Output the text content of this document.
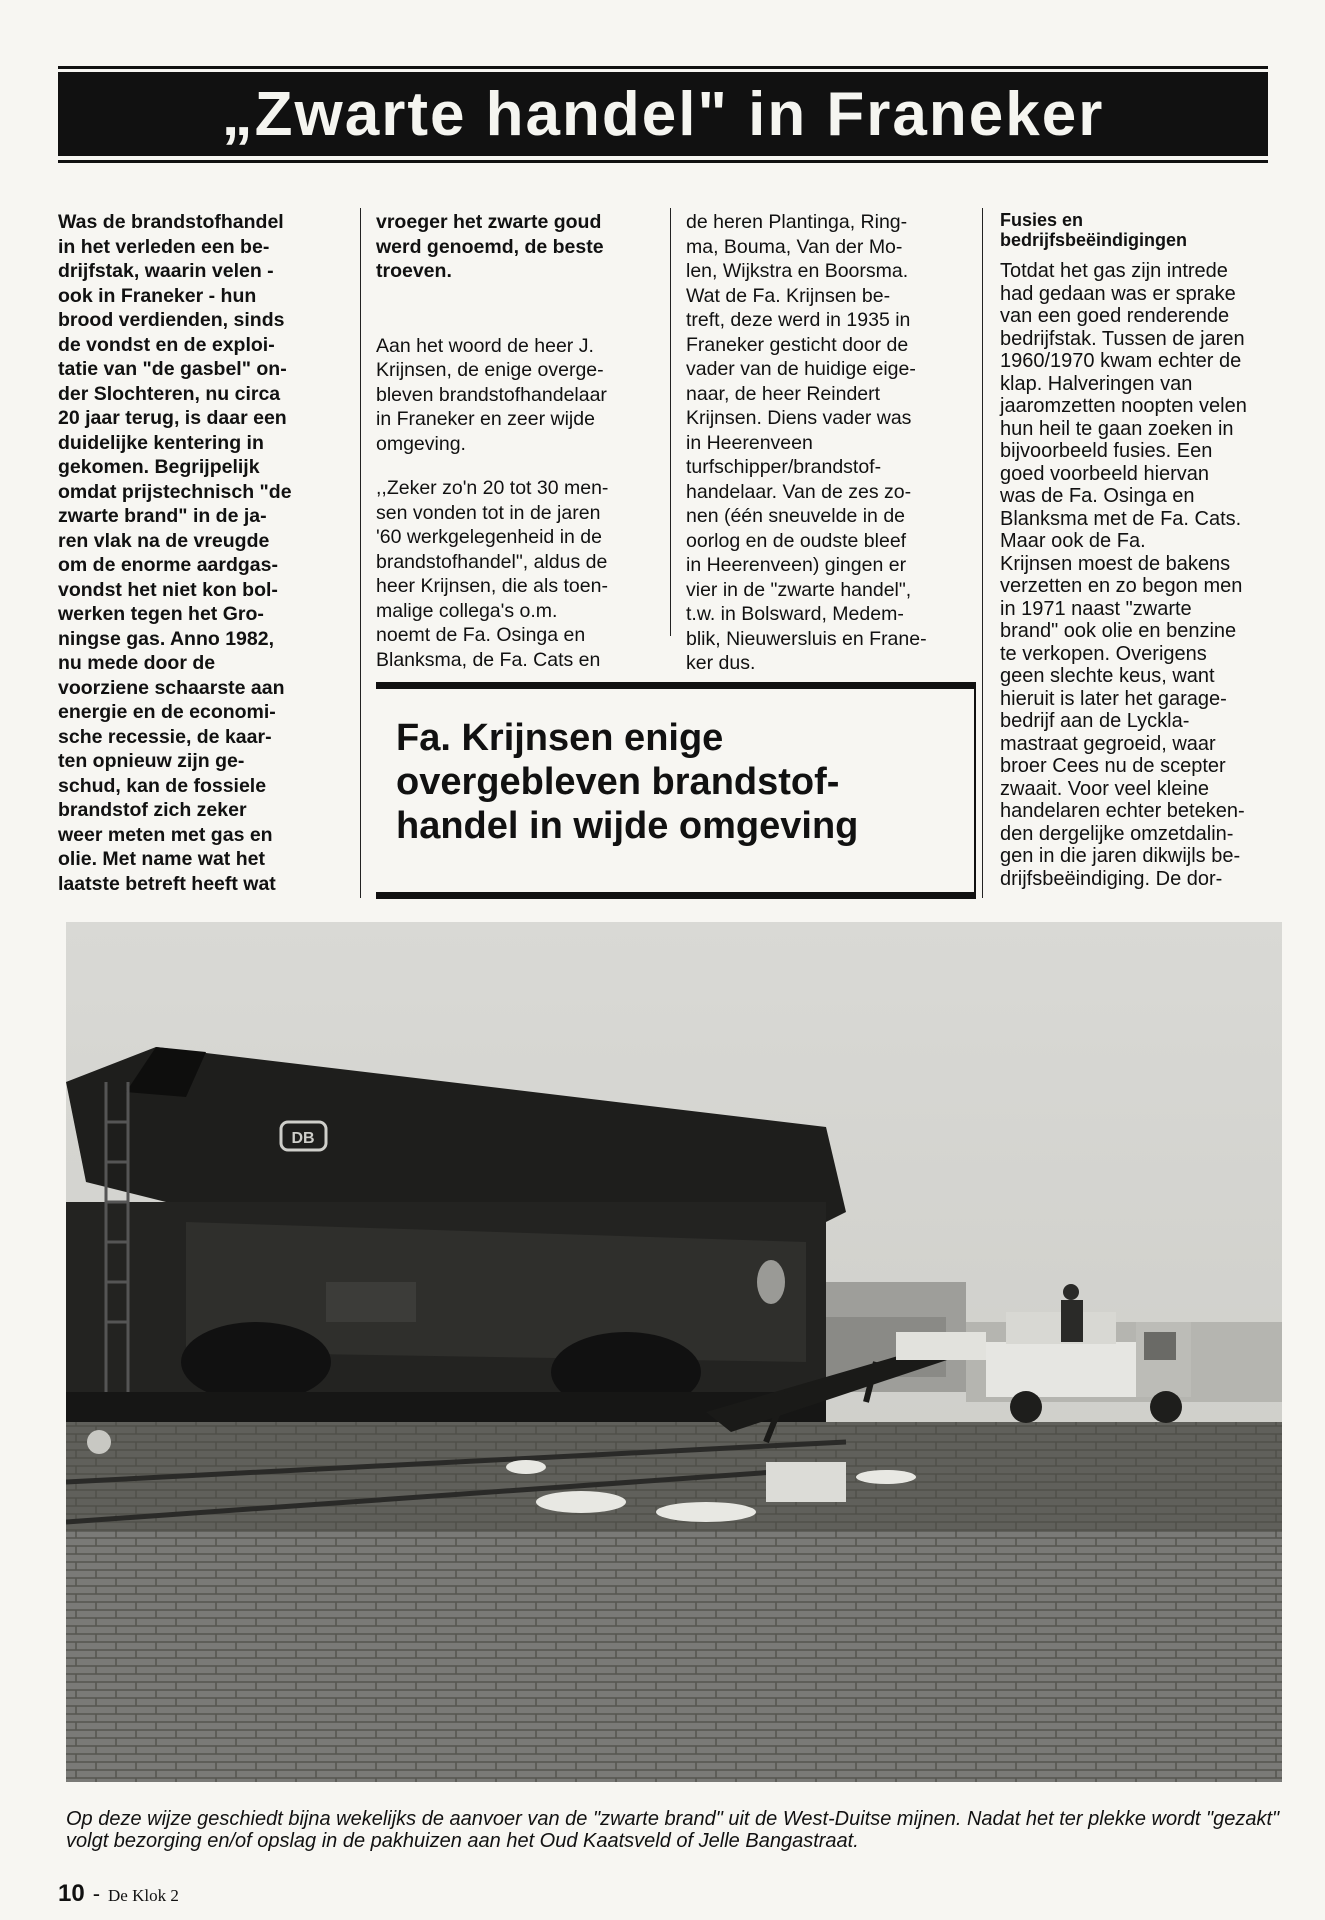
„Zwarte handel" in Franeker

Was de brandstofhandel
in het verleden een be-
drijfstak, waarin velen -
ook in Franeker - hun
brood verdienden, sinds
de vondst en de exploi-
tatie van "de gasbel" on-
der Slochteren, nu circa
20 jaar terug, is daar een
duidelijke kentering in
gekomen. Begrijpelijk
omdat prijstechnisch "de
zwarte brand" in de ja-
ren vlak na de vreugde
om de enorme aardgas-
vondst het niet kon bol-
werken tegen het Gro-
ningse gas. Anno 1982,
nu mede door de
voorziene schaarste aan
energie en de economi-
sche recessie, de kaar-
ten opnieuw zijn ge-
schud, kan de fossiele
brandstof zich zeker
weer meten met gas en
olie. Met name wat het
laatste betreft heeft wat

vroeger het zwarte goud
werd genoemd, de beste
troeven.

Aan het woord de heer J.
Krijnsen, de enige overge-
bleven brandstofhandelaar
in Franeker en zeer wijde
omgeving.

,,Zeker zo'n 20 tot 30 men-
sen vonden tot in de jaren
'60 werkgelegenheid in de
brandstofhandel", aldus de
heer Krijnsen, die als toen-
malige collega's o.m.
noemt de Fa. Osinga en
Blanksma, de Fa. Cats en

de heren Plantinga, Ring-
ma, Bouma, Van der Mo-
len, Wijkstra en Boorsma.
Wat de Fa. Krijnsen be-
treft, deze werd in 1935 in
Franeker gesticht door de
vader van de huidige eige-
naar, de heer Reindert
Krijnsen. Diens vader was
in Heerenveen
turfschipper/brandstof-
handelaar. Van de zes zo-
nen (één sneuvelde in de
oorlog en de oudste bleef
in Heerenveen) gingen er
vier in de "zwarte handel",
t.w. in Bolsward, Medem-
blik, Nieuwersluis en Frane-
ker dus.

Fusies en
bedrijfsbeëindigingen

Totdat het gas zijn intrede
had gedaan was er sprake
van een goed renderende
bedrijfstak. Tussen de jaren
1960/1970 kwam echter de
klap. Halveringen van
jaaromzetten noopten velen
hun heil te gaan zoeken in
bijvoorbeeld fusies. Een
goed voorbeeld hiervan
was de Fa. Osinga en
Blanksma met de Fa. Cats.
Maar ook de Fa.
Krijnsen moest de bakens
verzetten en zo begon men
in 1971 naast "zwarte
brand" ook olie en benzine
te verkopen. Overigens
geen slechte keus, want
hieruit is later het garage-
bedrijf aan de Lyckla-
mastraat gegroeid, waar
broer Cees nu de scepter
zwaait. Voor veel kleine
handelaren echter beteken-
den dergelijke omzetdalin-
gen in die jaren dikwijls be-
drijfsbeëindiging. De dor-

Fa. Krijnsen enige
overgebleven brandstof-
handel in wijde omgeving
DB
Op deze wijze geschiedt bijna wekelijks de aanvoer van de "zwarte brand" uit de West-Duitse mijnen. Nadat het ter plekke wordt "gezakt" volgt bezorging en/of opslag in de pakhuizen aan het Oud Kaatsveld of Jelle Bangastraat.
10 - De Klok 2
